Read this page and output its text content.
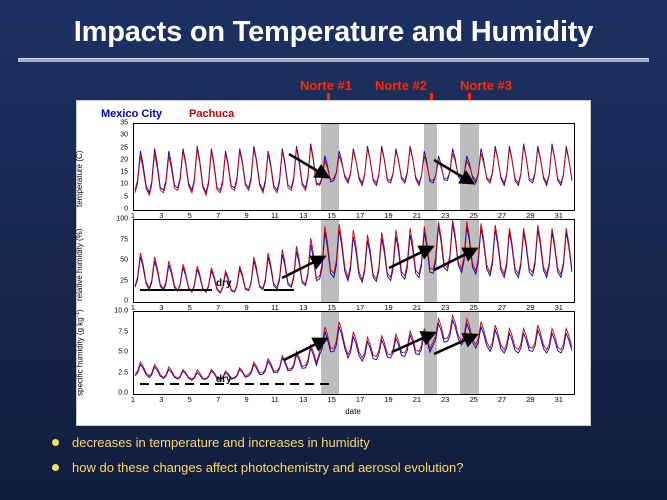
Impacts on Temperature and Humidity
Norte #1 Norte #2	Norte #3
Mexico City Pachuca
temperature (C)
relative humidity (%)
specific humidity (g $kg^{-1}$)
0
5
10
15
20
25
30
35
0
25
50
75
100
0.0
2.5
5.0
7.5
10.0
dry
dry
1	3	5	7	9	11	13	15	17	19	21	23	25	27	29	31
1	3	5	7	9	11	13	15	17	19	21	23	25	27	29	31
1	3	5	7	9	11	13	15	17	19	21	23	25	27	29	31
date
decreases in temperature and increases in humidity
how do these changes affect photochemistry and aerosol evolution?
